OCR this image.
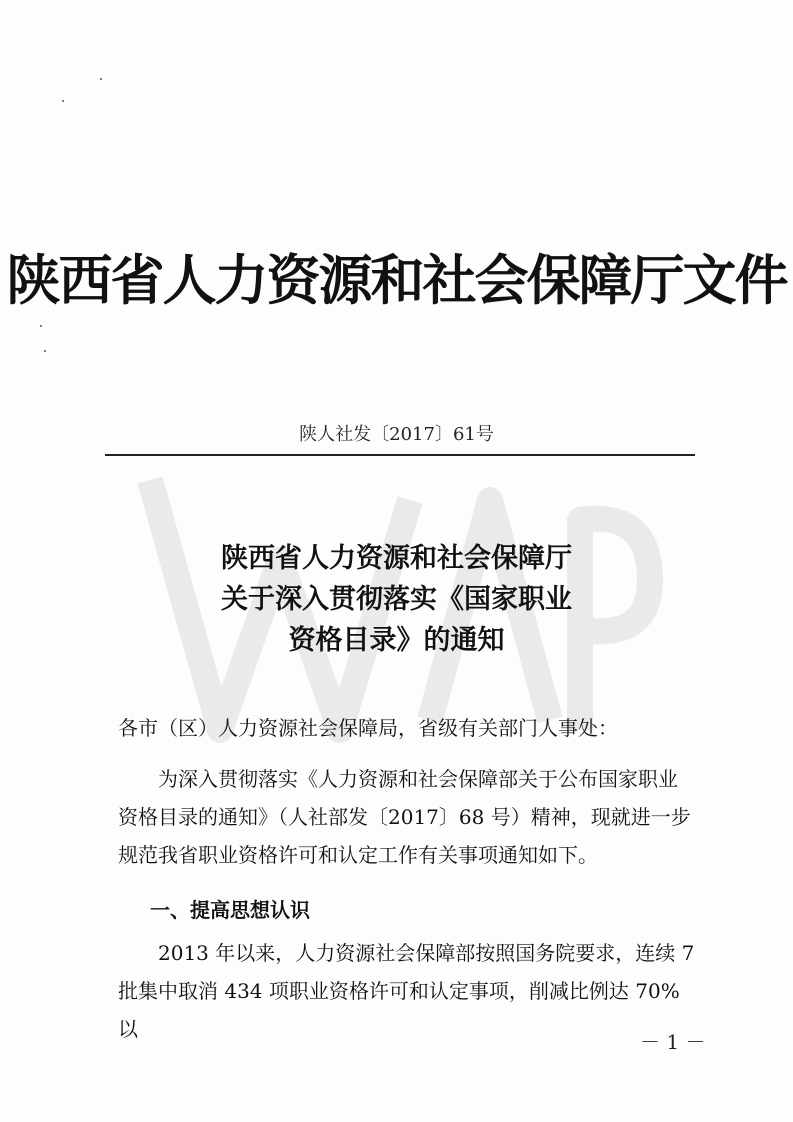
陕西省人力资源和社会保障厅文件
陕人社发〔2017〕61号
陕西省人力资源和社会保障厅
关于深入贯彻落实《国家职业
资格目录》的通知
各市（区）人力资源社会保障局，省级有关部门人事处：
　　为深入贯彻落实《人力资源和社会保障部关于公布国家职业
资格目录的通知》（人社部发〔2017〕68 号）精神，现就进一步
规范我省职业资格许可和认定工作有关事项通知如下。
一、提高思想认识
　　2013 年以来，人力资源社会保障部按照国务院要求，连续 7
批集中取消 434 项职业资格许可和认定事项，削减比例达 70%以
－ 1 －
